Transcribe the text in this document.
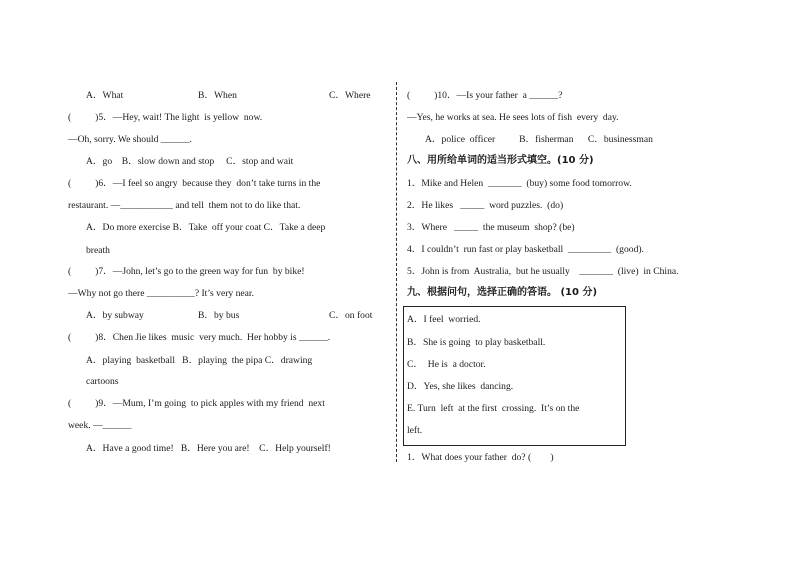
A．What	B．When	C．Where
(          )5．—Hey, wait! The light  is yellow  now.
—Oh, sorry. We should ______.
A．go    B．slow down and stop     C．stop and wait
(          )6．—I feel so angry  because they  don’t take turns in the
restaurant. —___________ and tell  them not to do like that.
A．Do more exercise B．Take  off your coat C．Take a deep
breath
(          )7．—John, let’s go to the green way for fun  by bike!
—Why not go there __________? It’s very near.
A．by subway	B．by bus	C．on foot
(          )8．Chen Jie likes  music  very much.  Her hobby is ______.
A．playing  basketball   B．playing  the pipa C．drawing
cartoons
(          )9．—Mum, I’m going  to pick apples with my friend  next
week. —______
A．Have a good time!   B．Here you are!    C．Help yourself!
(          )10．—Is your father  a ______?
—Yes, he works at sea. He sees lots of fish  every  day.
A．police  officer          B．fisherman      C．businessman
八、用所给单词的适当形式填空。(10 分)
1．Mike and Helen  _______  (buy) some food tomorrow.
2．He likes   _____  word puzzles.  (do)
3．Where   _____  the museum  shop? (be)
4．I couldn’t  run fast or play basketball  _________  (good).
5．John is from  Australia,  but he usually    _______  (live)  in China.
九、根据问句，选择正确的答语。 (10 分)
A．I feel  worried.
B．She is going  to play basketball.
C．  He is  a doctor.
D．Yes, she likes  dancing.
E. Turn  left  at the first  crossing.  It’s on the
left.
1．What does your father  do? (        )
